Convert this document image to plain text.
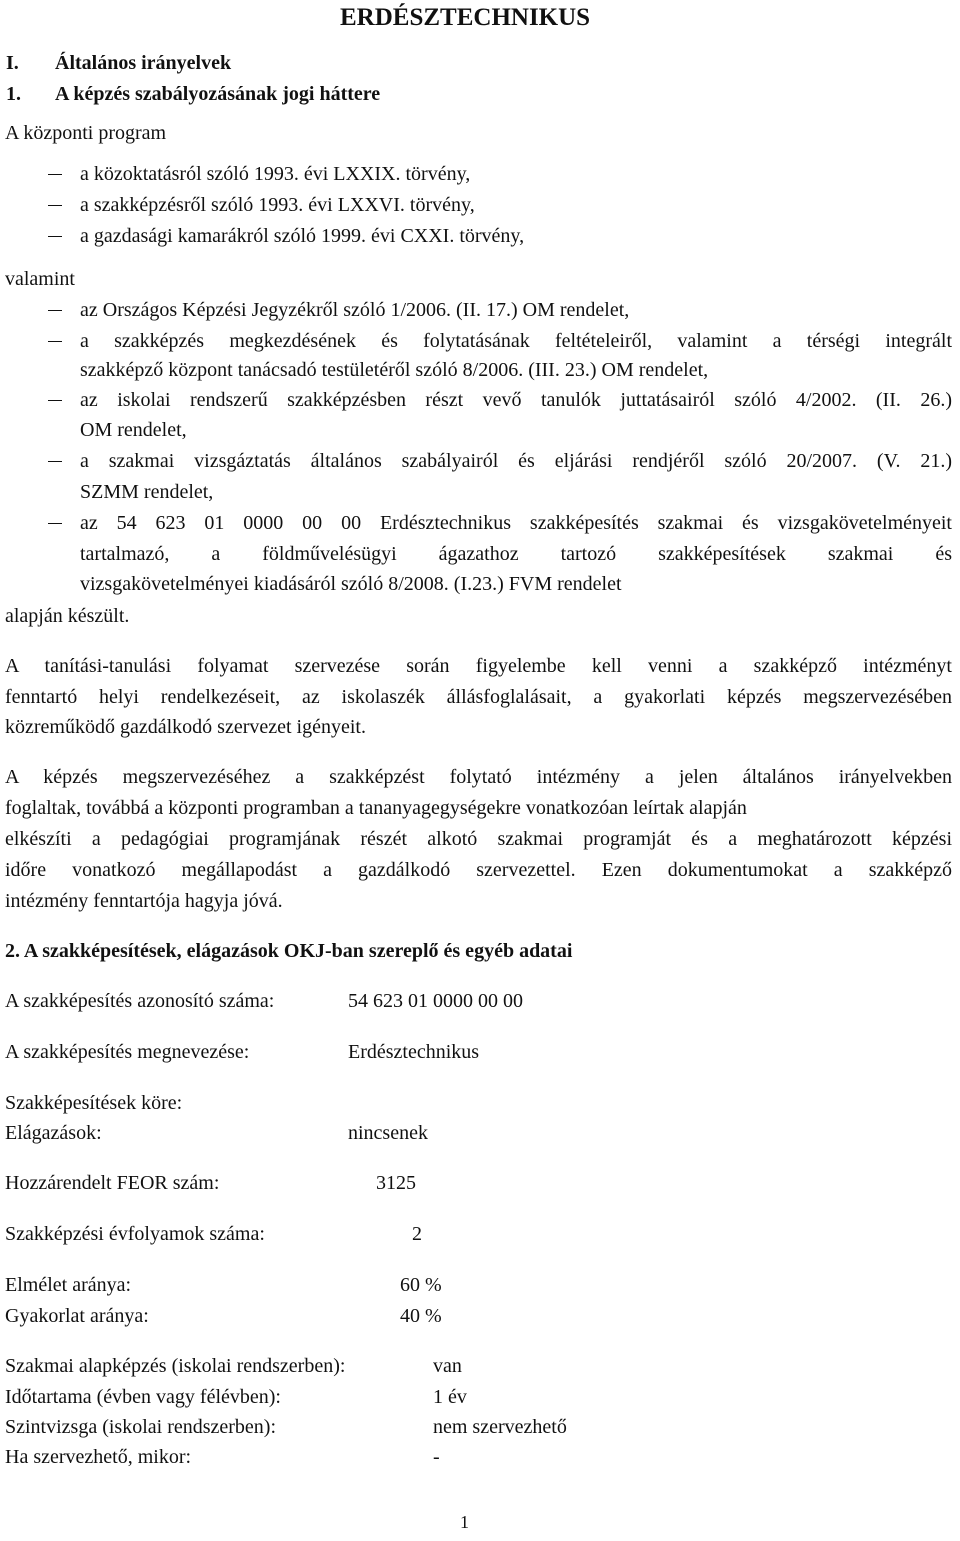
ERDÉSZTECHNIKUS
I. Általános irányelvek
1. A képzés szabályozásának jogi háttere
A központi program
a közoktatásról szóló 1993. évi LXXIX. törvény,
a szakképzésről szóló 1993. évi LXXVI. törvény,
a gazdasági kamarákról szóló 1999. évi CXXI. törvény,
valamint
az Országos Képzési Jegyzékről szóló 1/2006. (II. 17.) OM rendelet,
a szakképzés megkezdésének és folytatásának feltételeiről, valamint a térségi integrált
szakképző központ tanácsadó testületéről szóló 8/2006. (III. 23.) OM rendelet,
az iskolai rendszerű szakképzésben részt vevő tanulók juttatásairól szóló 4/2002. (II. 26.)
OM rendelet,
a szakmai vizsgáztatás általános szabályairól és eljárási rendjéről szóló 20/2007. (V. 21.)
SZMM rendelet,
az 54 623 01 0000 00 00 Erdésztechnikus szakképesítés szakmai és vizsgakövetelményeit
tartalmazó, a földművelésügyi ágazathoz tartozó szakképesítések szakmai és
vizsgakövetelményei kiadásáról szóló 8/2008. (I.23.) FVM rendelet
alapján készült.
A tanítási-tanulási folyamat szervezése során figyelembe kell venni a szakképző intézményt
fenntartó helyi rendelkezéseit, az iskolaszék állásfoglalásait, a gyakorlati képzés megszervezésében
közreműködő gazdálkodó szervezet igényeit.
A képzés megszervezéséhez a szakképzést folytató intézmény a jelen általános irányelvekben
foglaltak, továbbá a központi programban a tananyagegységekre vonatkozóan leírtak alapján
elkészíti a pedagógiai programjának részét alkotó szakmai programját és a meghatározott képzési
időre vonatkozó megállapodást a gazdálkodó szervezettel. Ezen dokumentumokat a szakképző
intézmény fenntartója hagyja jóvá.
2. A szakképesítések, elágazások OKJ-ban szereplő és egyéb adatai
A szakképesítés azonosító száma:	54 623 01 0000 00 00
A szakképesítés megnevezése:	Erdésztechnikus
Szakképesítések köre:
Elágazások:	nincsenek
Hozzárendelt FEOR szám:	3125
Szakképzési évfolyamok száma:	2
Elmélet aránya:	60 %
Gyakorlat aránya:	40 %
Szakmai alapképzés (iskolai rendszerben):	van
Időtartama (évben vagy félévben):	1 év
Szintvizsga (iskolai rendszerben):	nem szervezhető
Ha szervezhető, mikor:	-
1
